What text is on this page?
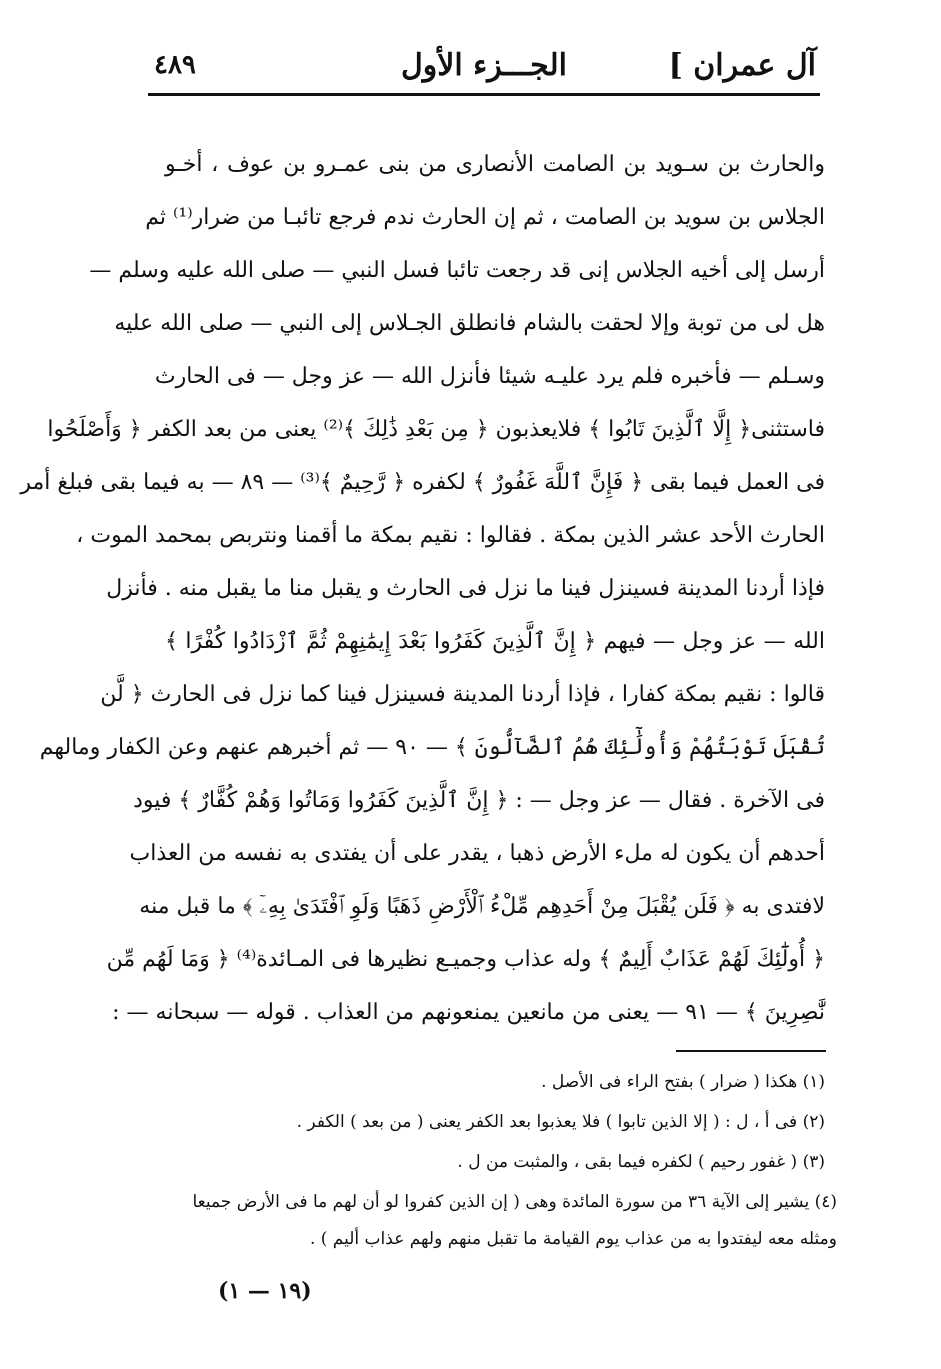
٤٨٩	الجـــزء الأول	آل عمران ]
والحارث بن سـويد بن الصامت الأنصارى من بنى عمـرو بن عوف ، أخـو
الجلاس بن سويد بن الصامت ، ثم إن الحارث ندم فرجع تائبـا من ضرار⁽¹⁾ ثم
أرسل إلى أخيه الجلاس إنى قد رجعت تائبا فسل النبي — صلى الله عليه وسلم —
هل لى من توبة وإلا لحقت بالشام فانطلق الجـلاس إلى النبي — صلى الله عليه
وسـلم — فأخبره فلم يرد عليـه شيئا فأنزل الله — عز وجل — فى الحارث
فاستثنى﴿ إِلَّا ٱلَّذِينَ تَابُوا ﴾ فلايعذبون ﴿ مِن بَعْدِ ذَٰلِكَ ﴾⁽²⁾ يعنى من بعد الكفر ﴿ وَأَصْلَحُوا
فى العمل فيما بقى ﴿ فَإِنَّ ٱللَّهَ غَفُورٌ ﴾ لكفره ﴿ رَّحِيمٌ ﴾⁽³⁾ — ٨٩ — به فيما بقى فبلغ أمر
الحارث الأحد عشر الذين بمكة . فقالوا : نقيم بمكة ما أقمنا ونتربص بمحمد الموت ،
فإذا أردنا المدينة فسينزل فينا ما نزل فى الحارث و يقبل منا ما يقبل منه . فأنزل
الله — عز وجل — فيهم ﴿ إِنَّ ٱلَّذِينَ كَفَرُوا بَعْدَ إِيمَٰنِهِمْ ثُمَّ ٱزْدَادُوا كُفْرًا ﴾
قالوا : نقيم بمكة كفارا ، فإذا أردنا المدينة فسينزل فينا كما نزل فى الحارث ﴿ لَّن
تُقْبَلَ تَوْبَتُهُمْ وَأُولَٰٓئِكَ هُمُ ٱلضَّآلُّونَ ﴾ — ٩٠ — ثم أخبرهم عنهم وعن الكفار ومالهم
فى الآخرة . فقال — عز وجل — : ﴿ إِنَّ ٱلَّذِينَ كَفَرُوا وَمَاتُوا وَهُمْ كُفَّارٌ ﴾ فيود
أحدهم أن يكون له ملء الأرض ذهبا ، يقدر على أن يفتدى به نفسه من العذاب
لافتدى به ﴿ فَلَن يُقْبَلَ مِنْ أَحَدِهِم مِّلْءُ ٱلْأَرْضِ ذَهَبًا وَلَوِ ٱفْتَدَىٰ بِهِۦٓ ﴾ ما قبل منه
﴿ أُولَٰٓئِكَ لَهُمْ عَذَابٌ أَلِيمٌ ﴾ وله عذاب وجميـع نظيرها فى المـائدة⁽⁴⁾ ﴿ وَمَا لَهُم مِّن
نَّٰصِرِينَ ﴾ — ٩١ — يعنى من مانعين يمنعونهم من العذاب . قوله — سبحانه — :
(١) هكذا ( ضرار ) بفتح الراء فى الأصل .
(٢) فى أ ، ل : ( إلا الذين تابوا ) فلا يعذبوا بعد الكفر يعنى ( من بعد ) الكفر .
(٣) ( غفور رحيم ) لكفره فيما بقى ، والمثبت من ل .
(٤) يشير إلى الآية ٣٦ من سورة المائدة وهى ( إن الذين كفروا لو أن لهم ما فى الأرض جميعا
ومثله معه ليفتدوا به من عذاب يوم القيامة ما تقبل منهم ولهم عذاب أليم ) .
(١٩ — ١)
